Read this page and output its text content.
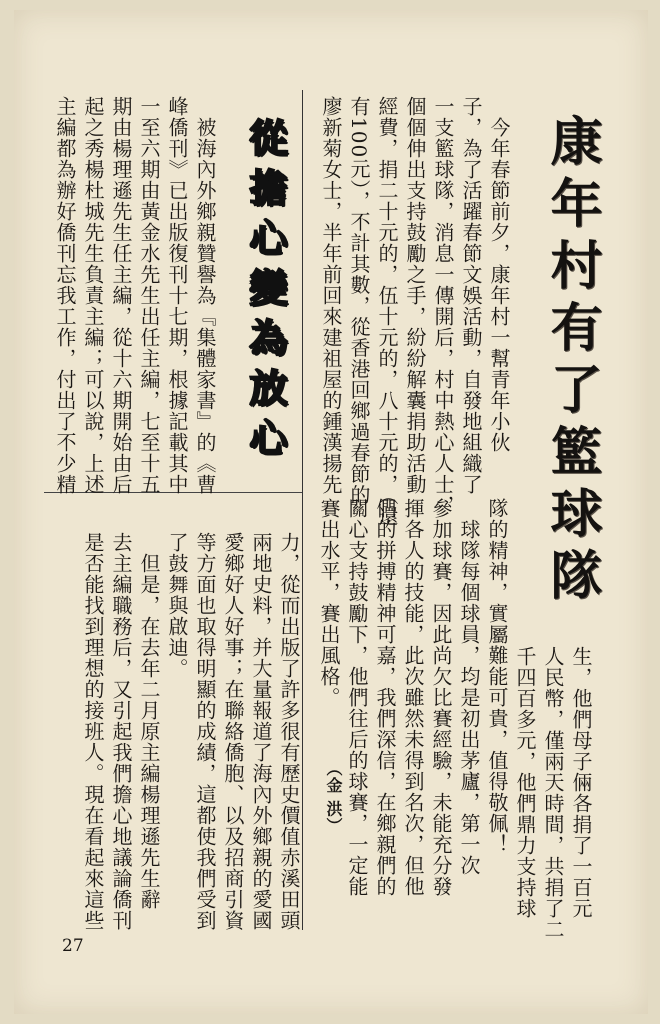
康年村有了籃球隊

　今年春節前夕，康年村一幫青年小伙

子，為了活躍春節文娛活動，自發地組織了

一支籃球隊，消息一傳開后，村中熱心人士，

個個伸出支持鼓勵之手，紛紛解囊捐助活動

經費，捐二十元的，伍十元的，八十元的，（還

有100元），不計其數，從香港回鄉過春節的

廖新菊女士，半年前回來建祖屋的鍾漢揚先

生，他們母子倆各捐了一百元

人民幣，僅兩天時間，共捐了二

千四百多元，他們鼎力支持球

隊的精神，實屬難能可貴，值得敬佩！

　球隊每個球員，均是初出茅廬，第一次

參加球賽，因此尚欠比賽經驗，未能充分發

揮各人的技能，此次雖然未得到名次，但他

們的拼搏精神可嘉，我們深信，在鄉親們的

關心支持鼓勵下，他們往后的球賽，一定能

賽出水平，賽出風格。

（金 洪）

從擔心變為放心

　被海內外鄉親贊譽為『集體家書』的《曹

峰僑刊》已出版復刊十七期，根據記載其中

一至六期由黃金水先生出任主編，七至十五

期由楊理遜先生任主編，從十六期開始由后

起之秀楊杜城先生負責主編；可以說，上述

主編都為辦好僑刊忘我工作，付出了不少精

力，從而出版了許多很有歷史價值赤溪田頭

兩地史料，并大量報道了海內外鄉親的愛國

愛鄉好人好事；在聯絡僑胞、以及招商引資

等方面也取得明顯的成績，這都使我們受到

了鼓舞與啟迪。

　但是，在去年二月原主編楊理遜先生辭

去主編職務后，又引起我們擔心地議論僑刊

是否能找到理想的接班人。現在看起來這些

27
